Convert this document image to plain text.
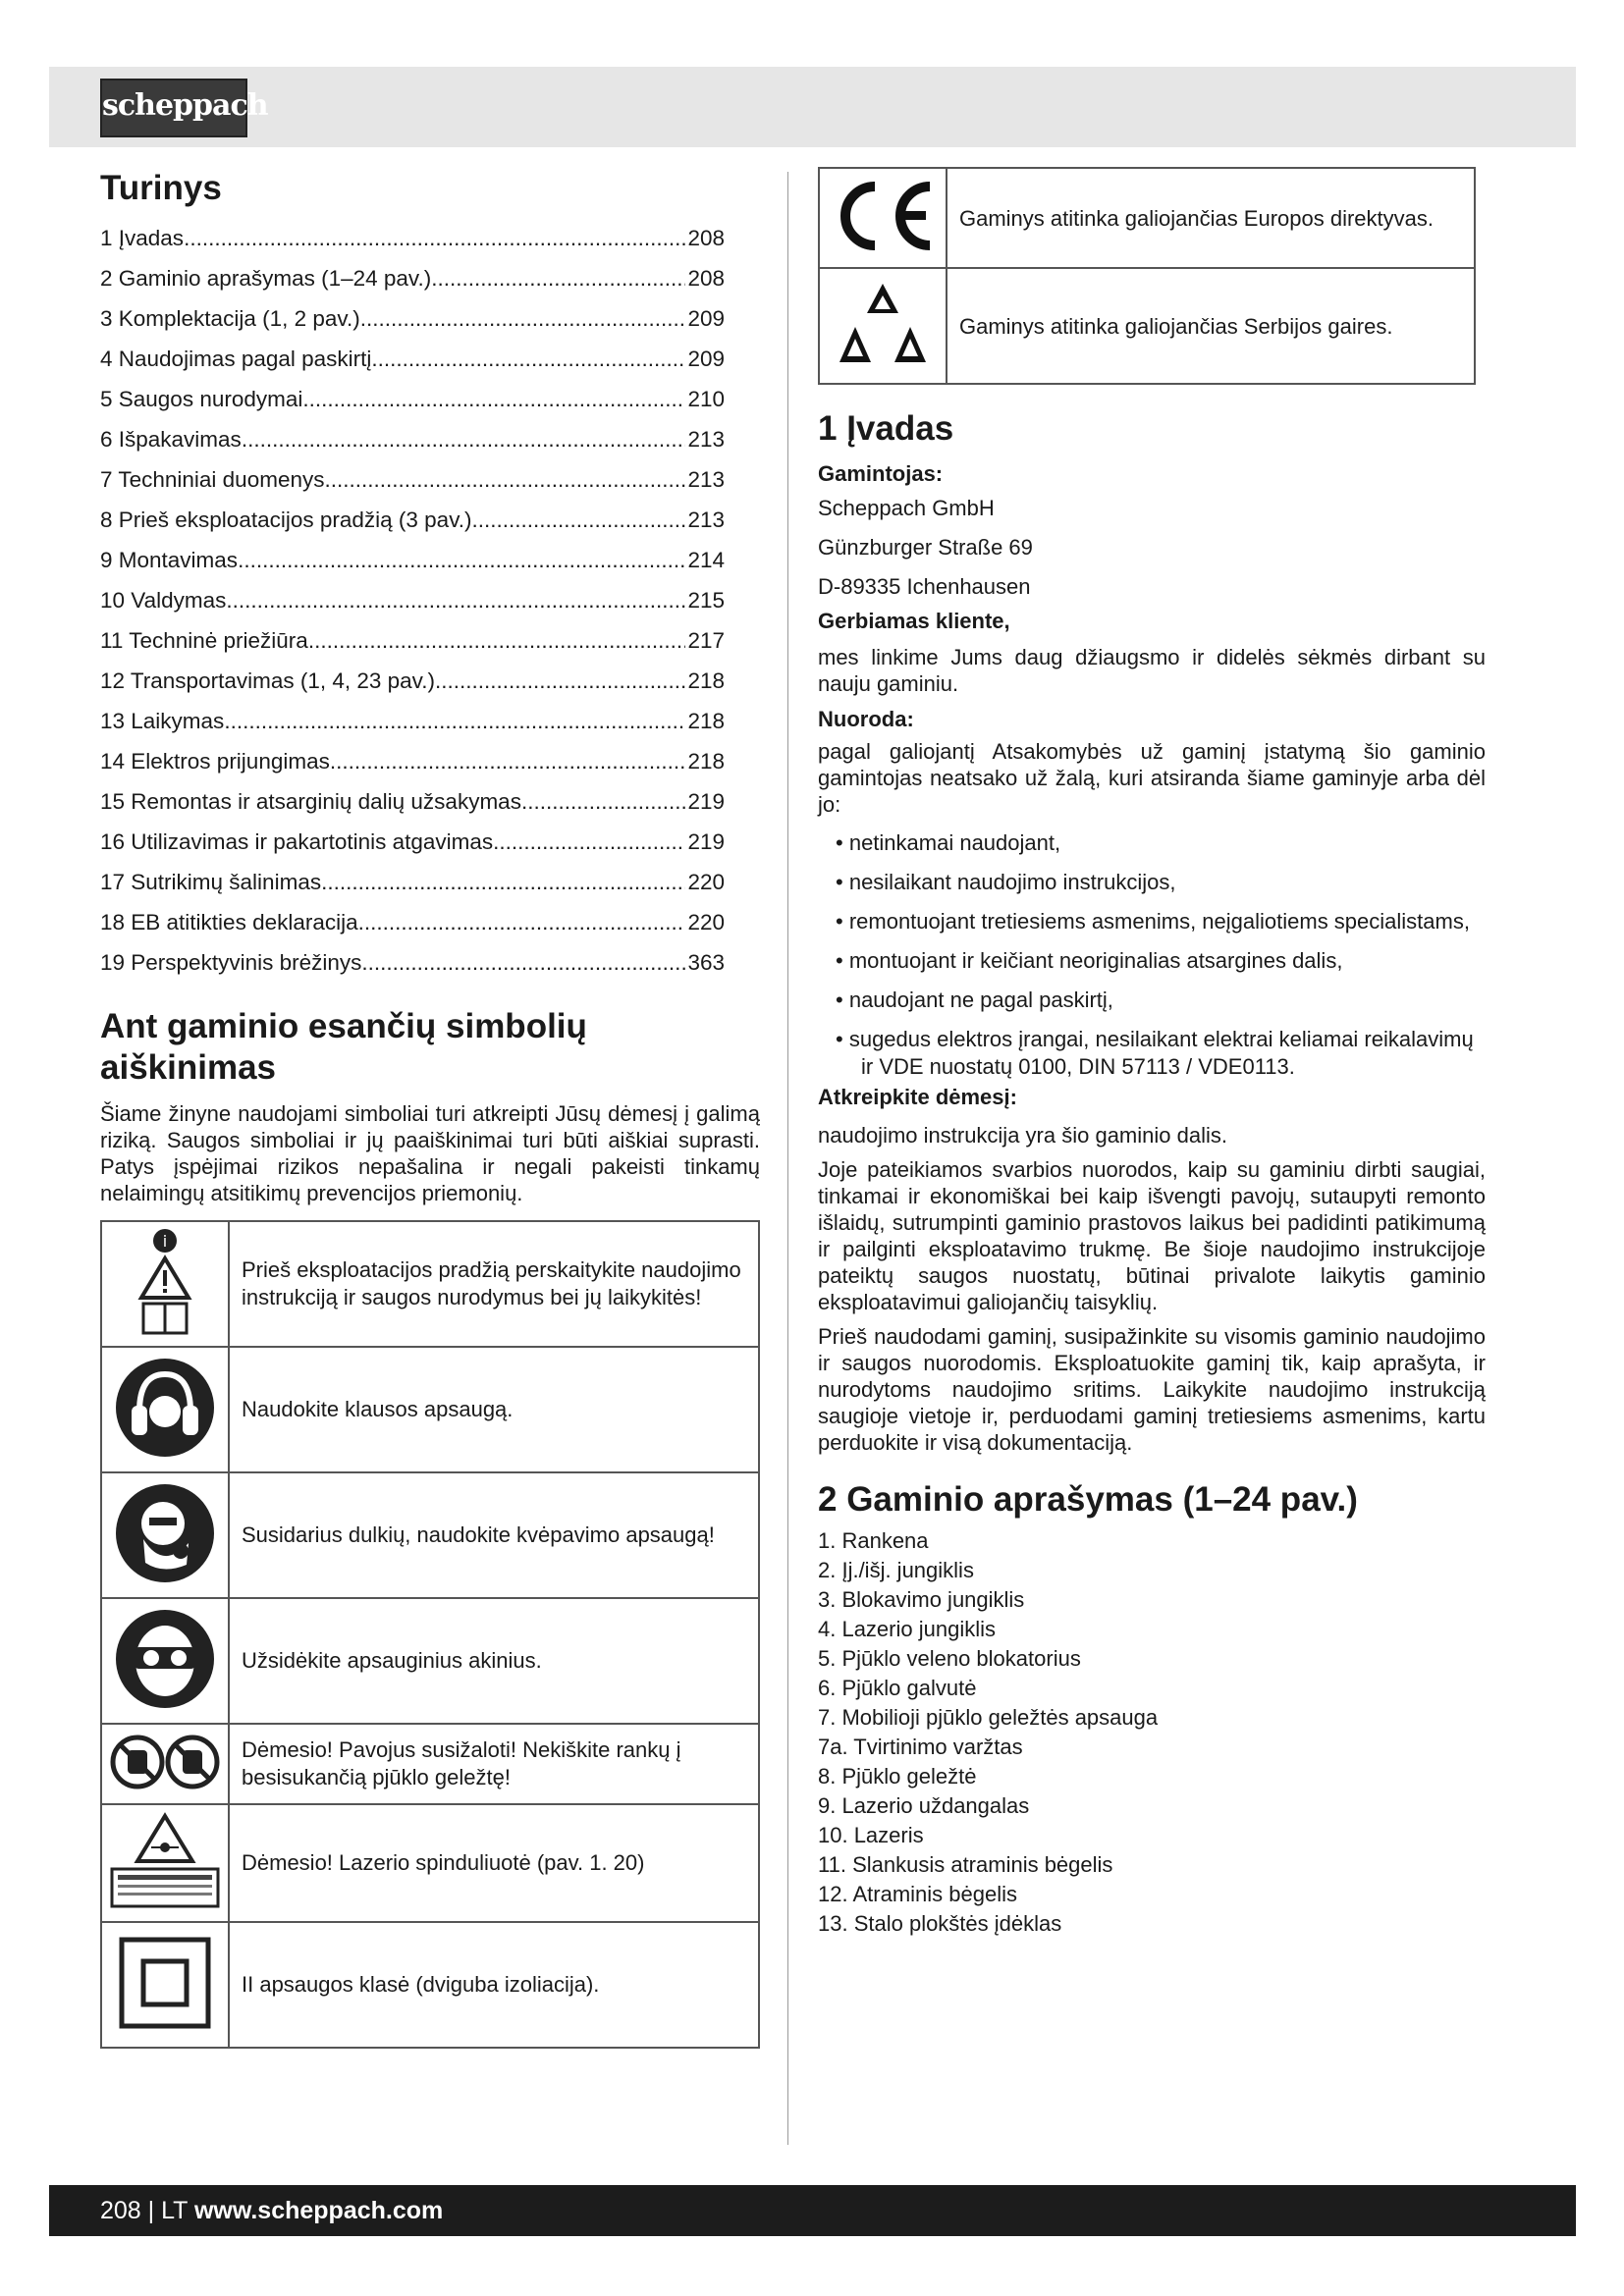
scheppach
Turinys
1 Įvadas .....	208
2 Gaminio aprašymas (1–24 pav.) .....	208
3 Komplektacija (1, 2 pav.) .....	209
4 Naudojimas pagal paskirtį .....	209
5 Saugos nurodymai .....	210
6 Išpakavimas .....	213
7 Techniniai duomenys .....	213
8 Prieš eksploatacijos pradžią (3 pav.) .....	213
9 Montavimas .....	214
10 Valdymas .....	215
11 Techninė priežiūra .....	217
12 Transportavimas (1, 4, 23 pav.) .....	218
13 Laikymas .....	218
14 Elektros prijungimas .....	218
15 Remontas ir atsarginių dalių užsakymas .....	219
16 Utilizavimas ir pakartotinis atgavimas .....	219
17 Sutrikimų šalinimas .....	220
18 EB atitikties deklaracija .....	220
19 Perspektyvinis brėžinys .....	363
Ant gaminio esančių simbolių aiškinimas

Šiame žinyne naudojami simboliai turi atkreipti Jūsų dėmesį į galimą riziką. Saugos simboliai ir jų paaiškinimai turi būti aiškiai suprasti. Patys įspėjimai rizikos nepašalina ir negali pakeisti tinkamų nelaimingų atsitikimų prevencijos priemonių.

i	Prieš eksploatacijos pradžią perskaitykite naudojimo instrukciją ir saugos nurodymus bei jų laikykitės!
	Naudokite klausos apsaugą.
	Susidarius dulkių, naudokite kvėpavimo apsaugą!
	Užsidėkite apsauginius akinius.
	Dėmesio! Pavojus susižaloti! Nekiškite rankų į besisukančią pjūklo geležtę!
	Dėmesio! Lazerio spinduliuotė (pav. 1. 20)
	II apsaugos klasė (dviguba izoliacija).
	Gaminys atitinka galiojančias Europos direktyvas.
	Gaminys atitinka galiojančias Serbijos gaires.
1 Įvadas

Gamintojas:

Scheppach GmbH

Günzburger Straße 69

D-89335 Ichenhausen

Gerbiamas kliente,

mes linkime Jums daug džiaugsmo ir didelės sėkmės dirbant su nauju gaminiu.

Nuoroda:

pagal galiojantį Atsakomybės už gaminį įstatymą šio gaminio gamintojas neatsako už žalą, kuri atsiranda šiame gaminyje arba dėl jo:

• netinkamai naudojant,
• nesilaikant naudojimo instrukcijos,
• remontuojant tretiesiems asmenims, neįgaliotiems specialistams,
• montuojant ir keičiant neoriginalias atsargines dalis,
• naudojant ne pagal paskirtį,
• sugedus elektros įrangai, nesilaikant elektrai keliamai reikalavimų ir VDE nuostatų 0100, DIN 57113 / VDE0113.

Atkreipkite dėmesį:

naudojimo instrukcija yra šio gaminio dalis.

Joje pateikiamos svarbios nuorodos, kaip su gaminiu dirbti saugiai, tinkamai ir ekonomiškai bei kaip išvengti pavojų, sutaupyti remonto išlaidų, sutrumpinti gaminio prastovos laikus bei padidinti patikimumą ir pailginti eksploatavimo trukmę. Be šioje naudojimo instrukcijoje pateiktų saugos nuostatų, būtinai privalote laikytis gaminio eksploatavimui galiojančių taisyklių.

Prieš naudodami gaminį, susipažinkite su visomis gaminio naudojimo ir saugos nuorodomis. Eksploatuokite gaminį tik, kaip aprašyta, ir nurodytoms naudojimo sritims. Laikykite naudojimo instrukciją saugioje vietoje ir, perduodami gaminį tretiesiems asmenims, kartu perduokite ir visą dokumentaciją.

2 Gaminio aprašymas (1–24 pav.)
1. Rankena
2. Įj./išj. jungiklis
3. Blokavimo jungiklis
4. Lazerio jungiklis
5. Pjūklo veleno blokatorius
6. Pjūklo galvutė
7. Mobilioji pjūklo geležtės apsauga
7a. Tvirtinimo varžtas
8. Pjūklo geležtė
9. Lazerio uždangalas
10. Lazeris
11. Slankusis atraminis bėgelis
12. Atraminis bėgelis
13. Stalo plokštės įdėklas
208 | LT www.scheppach.com
